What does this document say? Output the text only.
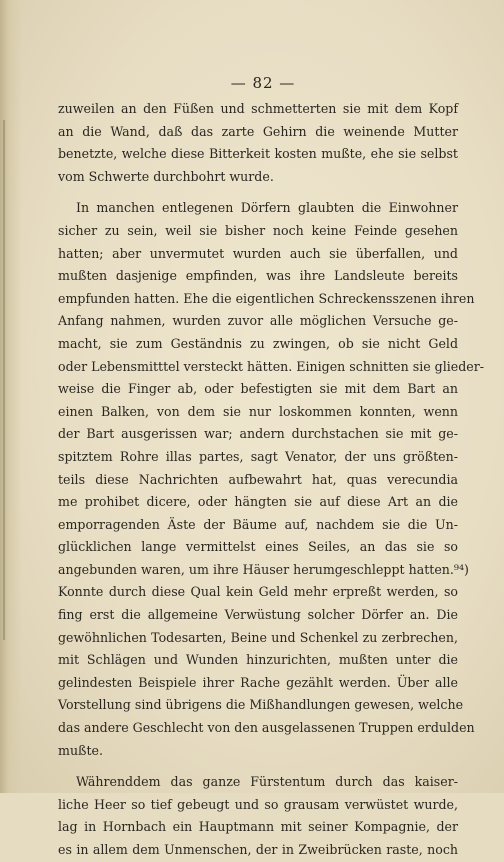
— 82 —

zuweilen an den Füßen und schmetterten sie mit dem Kopf
an die Wand, daß das zarte Gehirn die weinende Mutter
benetzte, welche diese Bitterkeit kosten mußte, ehe sie selbst
vom Schwerte durchbohrt wurde.

In manchen entlegenen Dörfern glaubten die Einwohner
sicher zu sein, weil sie bisher noch keine Feinde gesehen
hatten; aber unvermutet wurden auch sie überfallen, und
mußten dasjenige empfinden, was ihre Landsleute bereits
empfunden hatten. Ehe die eigentlichen Schreckensszenen ihren
Anfang nahmen, wurden zuvor alle möglichen Versuche ge-
macht, sie zum Geständnis zu zwingen, ob sie nicht Geld
oder Lebensmitttel versteckt hätten. Einigen schnitten sie glieder-
weise die Finger ab, oder befestigten sie mit dem Bart an
einen Balken, von dem sie nur loskommen konnten, wenn
der Bart ausgerissen war; andern durchstachen sie mit ge-
spitztem Rohre illas partes, sagt Venator, der uns größten-
teils diese Nachrichten aufbewahrt hat, quas verecundia
me prohibet dicere, oder hängten sie auf diese Art an die
emporragenden Äste der Bäume auf, nachdem sie die Un-
glücklichen lange vermittelst eines Seiles, an das sie so
angebunden waren, um ihre Häuser herumgeschleppt hatten.⁹⁴)
Konnte durch diese Qual kein Geld mehr erpreßt werden, so
fing erst die allgemeine Verwüstung solcher Dörfer an. Die
gewöhnlichen Todesarten, Beine und Schenkel zu zerbrechen,
mit Schlägen und Wunden hinzurichten, mußten unter die
gelindesten Beispiele ihrer Rache gezählt werden. Über alle
Vorstellung sind übrigens die Mißhandlungen gewesen, welche
das andere Geschlecht von den ausgelassenen Truppen erdulden
mußte.

Währenddem das ganze Fürstentum durch das kaiser-
liche Heer so tief gebeugt und so grausam verwüstet wurde,
lag in Hornbach ein Hauptmann mit seiner Kompagnie, der
es in allem dem Unmenschen, der in Zweibrücken raste, noch
